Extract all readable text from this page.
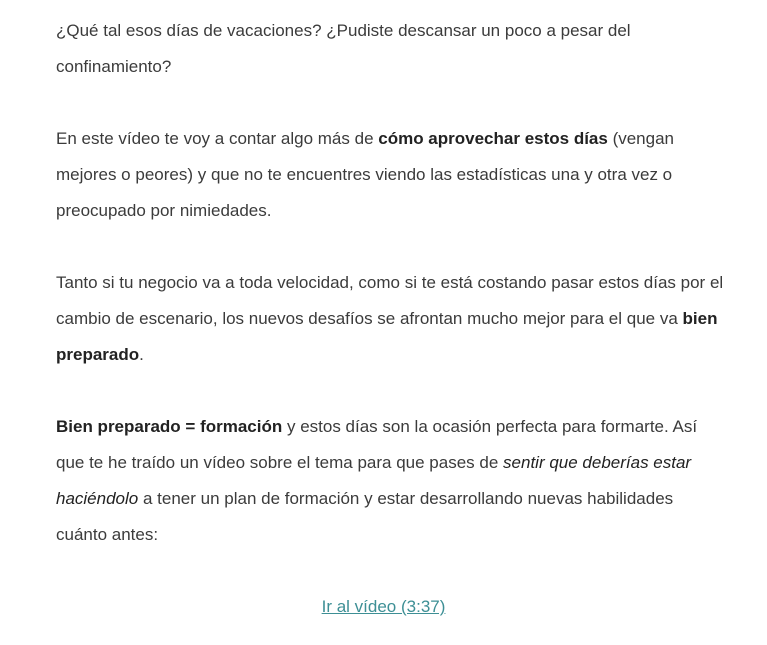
¿Qué tal esos días de vacaciones? ¿Pudiste descansar un poco a pesar del confinamiento?

En este vídeo te voy a contar algo más de cómo aprovechar estos días (vengan mejores o peores) y que no te encuentres viendo las estadísticas una y otra vez o preocupado por nimiedades.

Tanto si tu negocio va a toda velocidad, como si te está costando pasar estos días por el cambio de escenario, los nuevos desafíos se afrontan mucho mejor para el que va bien preparado.

Bien preparado = formación y estos días son la ocasión perfecta para formarte. Así que te he traído un vídeo sobre el tema para que pases de sentir que deberías estar haciéndolo a tener un plan de formación y estar desarrollando nuevas habilidades cuánto antes:

Ir al vídeo (3:37)
